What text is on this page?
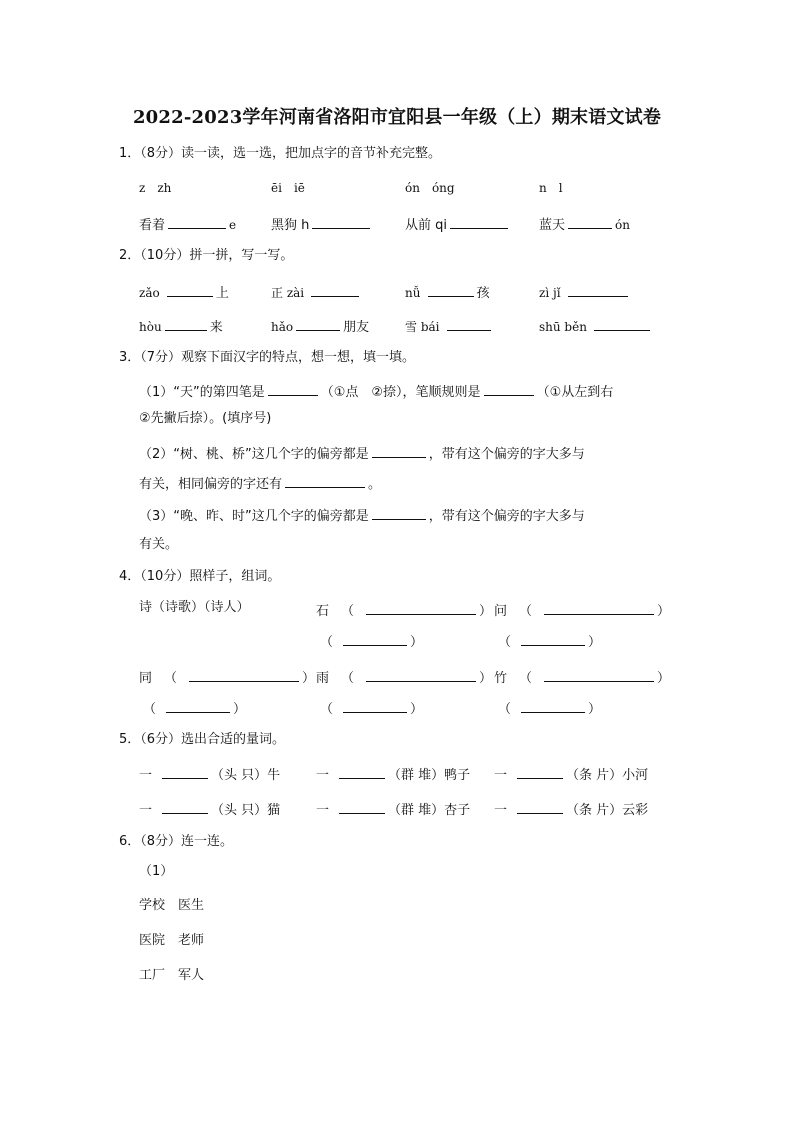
2022-2023学年河南省洛阳市宜阳县一年级（上）期末语文试卷
1．（8分）读一读，选一选，把加点字的音节补充完整。
z　zh	ēi　iē	ón　óng	n　l
看着	e	黑狗 h	从前 qi	蓝天	ón
2．（10分）拼一拼，写一写。
zǎo	上	正 zài	nǚ	孩	zì jǐ
hòu	来	hǎo	朋友	雪 bái	shū běn
3．（7分）观察下面汉字的特点，想一想，填一填。
（1）“天”的第四笔是	（①点　②捺），笔顺规则是	（①从左到右
②先撇后捺）。(填序号)
（2）“树、桃、桥”这几个字的偏旁都是	，带有这个偏旁的字大多与
有关，相同偏旁的字还有	。
（3）“晚、昨、时”这几个字的偏旁都是	，带有这个偏旁的字大多与
有关。
4．（10分）照样子，组词。
诗（诗歌）（诗人）	石 （	） 问 （	）
（	）	（	）
同 （	） 雨 （	） 竹 （	）
（	）	（	）	（	）
5．（6分）选出合适的量词。
一	（头 只）牛	一	（群 堆）鸭子 一	（条 片）小河
一	（头 只）猫	一	（群 堆）杏子 一	（条 片）云彩
6．（8分）连一连。
（1）
学校　医生
医院　老师
工厂　军人
